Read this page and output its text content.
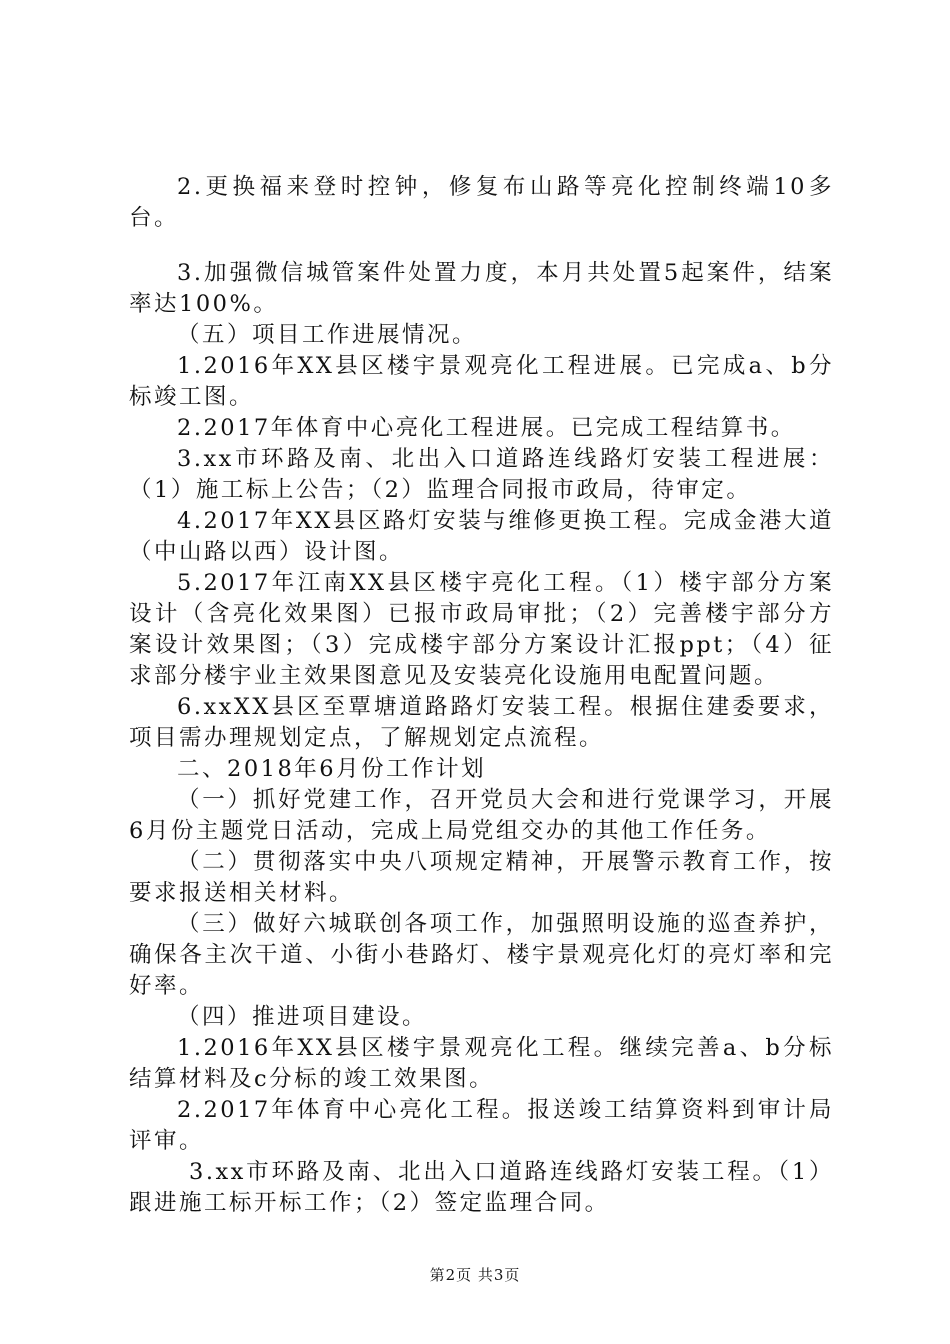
2.更换福来登时控钟，修复布山路等亮化控制终端10多台。

3.加强微信城管案件处置力度，本月共处置5起案件，结案率达100%。

（五）项目工作进展情况。

1.2016年XX县区楼宇景观亮化工程进展。已完成a、b分标竣工图。

2.2017年体育中心亮化工程进展。已完成工程结算书。

3.xx市环路及南、北出入口道路连线路灯安装工程进展：（1）施工标上公告；（2）监理合同报市政局，待审定。

4.2017年XX县区路灯安装与维修更换工程。完成金港大道（中山路以西）设计图。

5.2017年江南XX县区楼宇亮化工程。（1）楼宇部分方案设计（含亮化效果图）已报市政局审批；（2）完善楼宇部分方案设计效果图；（3）完成楼宇部分方案设计汇报ppt；（4）征求部分楼宇业主效果图意见及安装亮化设施用电配置问题。

6.xxXX县区至覃塘道路路灯安装工程。根据住建委要求，项目需办理规划定点，了解规划定点流程。

二、2018年6月份工作计划

（一）抓好党建工作，召开党员大会和进行党课学习，开展6月份主题党日活动，完成上局党组交办的其他工作任务。

（二）贯彻落实中央八项规定精神，开展警示教育工作，按要求报送相关材料。

（三）做好六城联创各项工作，加强照明设施的巡查养护，确保各主次干道、小街小巷路灯、楼宇景观亮化灯的亮灯率和完好率。

（四）推进项目建设。

1.2016年XX县区楼宇景观亮化工程。继续完善a、b分标结算材料及c分标的竣工效果图。

2.2017年体育中心亮化工程。报送竣工结算资料到审计局评审。

3.xx市环路及南、北出入口道路连线路灯安装工程。（1）跟进施工标开标工作；（2）签定监理合同。

第2页 共3页
